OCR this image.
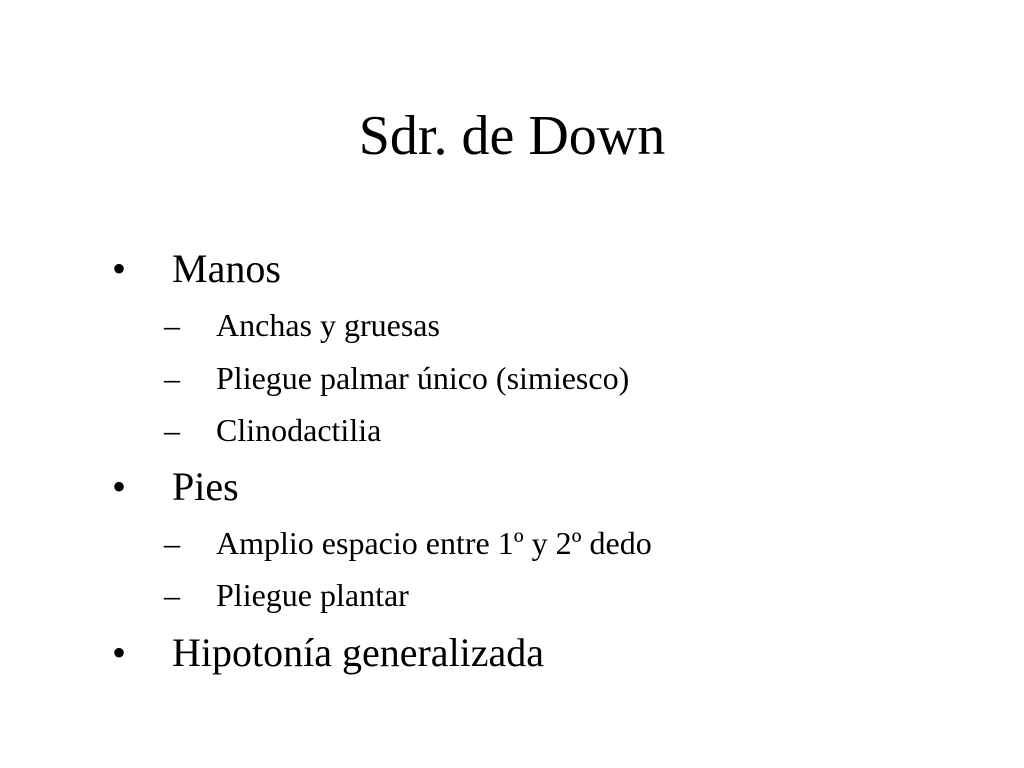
Sdr. de Down
• Manos
– Anchas y gruesas
– Pliegue palmar único (simiesco)
– Clinodactilia
• Pies
– Amplio espacio entre 1º y 2º dedo
– Pliegue plantar
• Hipotonía generalizada
